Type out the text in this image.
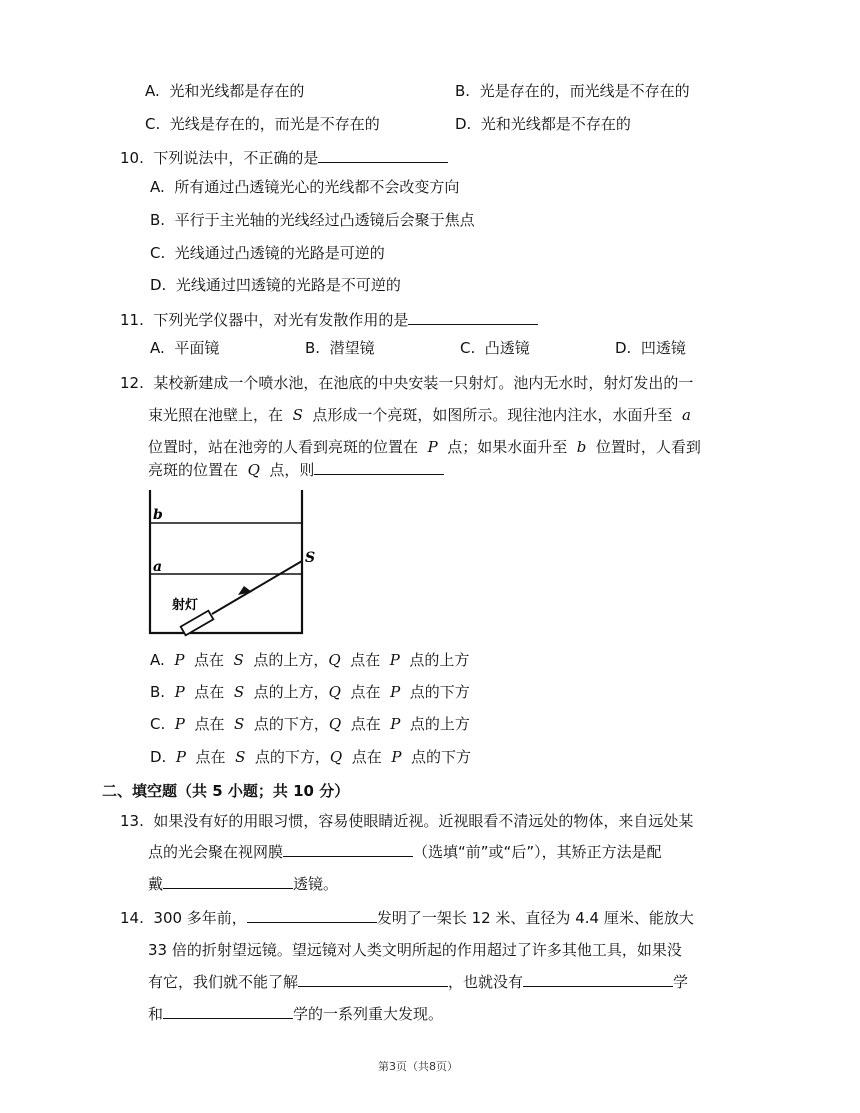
A. 光和光线都是存在的	B. 光是存在的，而光线是不存在的
C. 光线是存在的，而光是不存在的	D. 光和光线都是不存在的
10. 下列说法中，不正确的是
A. 所有通过凸透镜光心的光线都不会改变方向
B. 平行于主光轴的光线经过凸透镜后会聚于焦点
C. 光线通过凸透镜的光路是可逆的
D. 光线通过凹透镜的光路是不可逆的
11. 下列光学仪器中，对光有发散作用的是
A. 平面镜	B. 潜望镜	C. 凸透镜	D. 凹透镜
12. 某校新建成一个喷水池，在池底的中央安装一只射灯。池内无水时，射灯发出的一
束光照在池壁上，在 S 点形成一个亮斑，如图所示。现往池内注水，水面升至 a
位置时，站在池旁的人看到亮斑的位置在 P 点；如果水面升至 b 位置时，人看到
亮斑的位置在 Q 点，则
b
a
S
射灯
A. P 点在 S 点的上方，Q 点在 P 点的上方
B. P 点在 S 点的上方，Q 点在 P 点的下方
C. P 点在 S 点的下方，Q 点在 P 点的上方
D. P 点在 S 点的下方，Q 点在 P 点的下方
二、填空题（共 5 小题；共 10 分）
13. 如果没有好的用眼习惯，容易使眼睛近视。近视眼看不清远处的物体，来自远处某
点的光会聚在视网膜	（选填“前”或“后”），其矫正方法是配
戴	透镜。
14. 300 多年前，	发明了一架长 12 米、直径为 4.4 厘米、能放大
33 倍的折射望远镜。望远镜对人类文明所起的作用超过了许多其他工具，如果没
有它，我们就不能了解	，也就没有	学
和	学的一系列重大发现。
第3页（共8页）
